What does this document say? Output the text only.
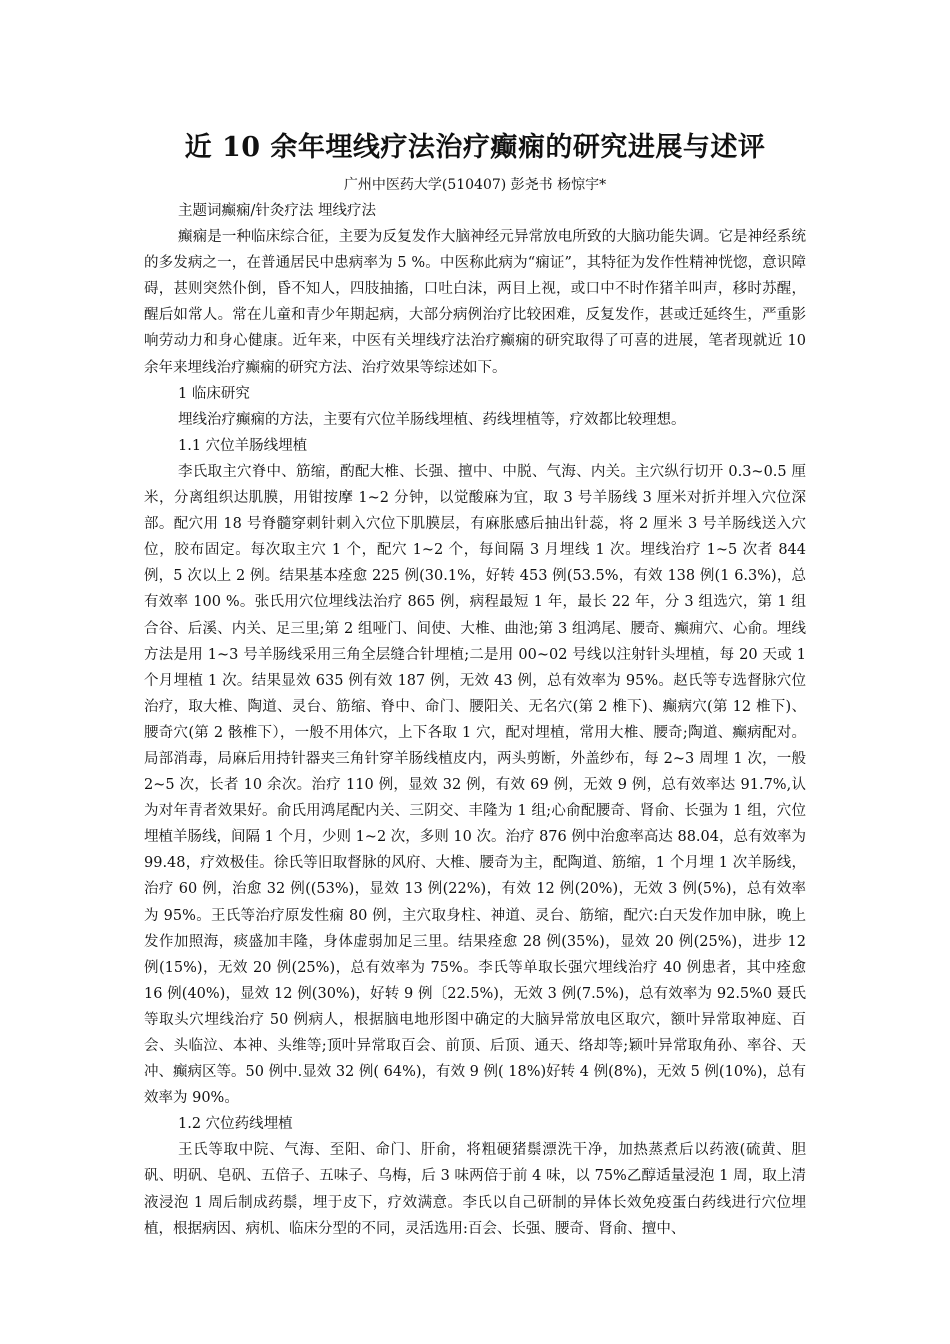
近 10 余年埋线疗法治疗癫痫的研究进展与述评

广州中医药大学(510407) 彭尧书 杨惊宇*

主题词癫痫/针灸疗法 埋线疗法

癫痫是一种临床综合征，主要为反复发作大脑神经元异常放电所致的大脑功能失调。它是神经系统的多发病之一，在普通居民中患病率为 5 %。中医称此病为“痫证”，其特征为发作性精神恍惚，意识障碍，甚则突然仆倒，昏不知人，四肢抽搐，口吐白沫，两目上视，或口中不时作猪羊叫声，移时苏醒，醒后如常人。常在儿童和青少年期起病，大部分病例治疗比较困难，反复发作，甚或迁延终生，严重影响劳动力和身心健康。近年来，中医有关埋线疗法治疗癫痫的研究取得了可喜的进展，笔者现就近 10 余年来埋线治疗癫痫的研究方法、治疗效果等综述如下。

1 临床研究

埋线治疗癫痫的方法，主要有穴位羊肠线埋植、药线埋植等，疗效都比较理想。

1.1 穴位羊肠线埋植

李氏取主穴脊中、筋缩，酌配大椎、长强、擅中、中脱、气海、内关。主穴纵行切开 0.3~0.5 厘米，分离组织达肌膜，用钳按摩 1~2 分钟，以觉酸麻为宜，取 3 号羊肠线 3 厘米对折并埋入穴位深部。配穴用 18 号脊髓穿刺针刺入穴位下肌膜层，有麻胀感后抽出针蕊，将 2 厘米 3 号羊肠线送入穴位，胶布固定。每次取主穴 1 个，配穴 1~2 个，每间隔 3 月埋线 1 次。埋线治疗 1~5 次者 844 例，5 次以上 2 例。结果基本痊愈 225 例(30.1%，好转 453 例(53.5%，有效 138 例(1 6.3%)，总有效率 100 %。张氏用穴位埋线法治疗 865 例，病程最短 1 年，最长 22 年，分 3 组选穴，第 1 组合谷、后溪、内关、足三里;第 2 组哑门、间使、大椎、曲池;第 3 组鸿尾、腰奇、癫痈穴、心俞。埋线方法是用 1~3 号羊肠线采用三角全层缝合针埋植;二是用 00~02 号线以注射针头埋植，每 20 天或 1 个月埋植 1 次。结果显效 635 例有效 187 例，无效 43 例，总有效率为 95%。赵氏等专选督脉穴位治疗，取大椎、陶道、灵台、筋缩、脊中、命门、腰阳关、无名穴(第 2 椎下)、癫病穴(第 12 椎下)、腰奇穴(第 2 骸椎下），一般不用体穴，上下各取 1 穴，配对埋植，常用大椎、腰奇;陶道、癫病配对。局部消毒，局麻后用持针器夹三角针穿羊肠线植皮内，两头剪断，外盖纱布，每 2~3 周埋 1 次，一般 2~5 次，长者 10 余次。治疗 110 例，显效 32 例，有效 69 例，无效 9 例，总有效率达 91.7%,认为对年青者效果好。俞氏用鸿尾配内关、三阴交、丰隆为 1 组;心俞配腰奇、肾俞、长强为 1 组，穴位埋植羊肠线，间隔 1 个月，少则 1~2 次，多则 10 次。治疗 876 例中治愈率高达 88.04，总有效率为 99.48，疗效极佳。徐氏等旧取督脉的风府、大椎、腰奇为主，配陶道、筋缩，1 个月埋 1 次羊肠线，治疗 60 例，治愈 32 例((53%)，显效 13 例(22%)，有效 12 例(20%)，无效 3 例(5%)，总有效率为 95%。王氏等治疗原发性痫 80 例，主穴取身柱、神道、灵台、筋缩，配穴:白天发作加申脉，晚上发作加照海，痰盛加丰隆，身体虚弱加足三里。结果痊愈 28 例(35%)，显效 20 例(25%)，进步 12 例(15%)，无效 20 例(25%)，总有效率为 75%。李氏等单取长强穴埋线治疗 40 例患者，其中痊愈 16 例(40%)，显效 12 例(30%)，好转 9 例〔22.5%)，无效 3 例(7.5%)，总有效率为 92.5%0 聂氏等取头穴埋线治疗 50 例病人，根据脑电地形图中确定的大脑异常放电区取穴，额叶异常取神庭、百会、头临泣、本神、头维等;顶叶异常取百会、前顶、后顶、通天、络却等;颖叶异常取角孙、率谷、天冲、癫病区等。50 例中.显效 32 例( 64%)，有效 9 例( 18%)好转 4 例(8%)，无效 5 例(10%)，总有效率为 90%。

1.2 穴位药线埋植

王氏等取中院、气海、至阳、命门、肝俞，将粗硬猪鬃漂洗干净，加热蒸煮后以药液(硫黄、胆矾、明矾、皂矾、五倍子、五味子、乌梅，后 3 味两倍于前 4 味，以 75%乙醇适量浸泡 1 周，取上清液浸泡 1 周后制成药鬃，埋于皮下，疗效满意。李氏以自己研制的异体长效免疫蛋白药线进行穴位埋植，根据病因、病机、临床分型的不同，灵活选用:百会、长强、腰奇、肾俞、擅中、
